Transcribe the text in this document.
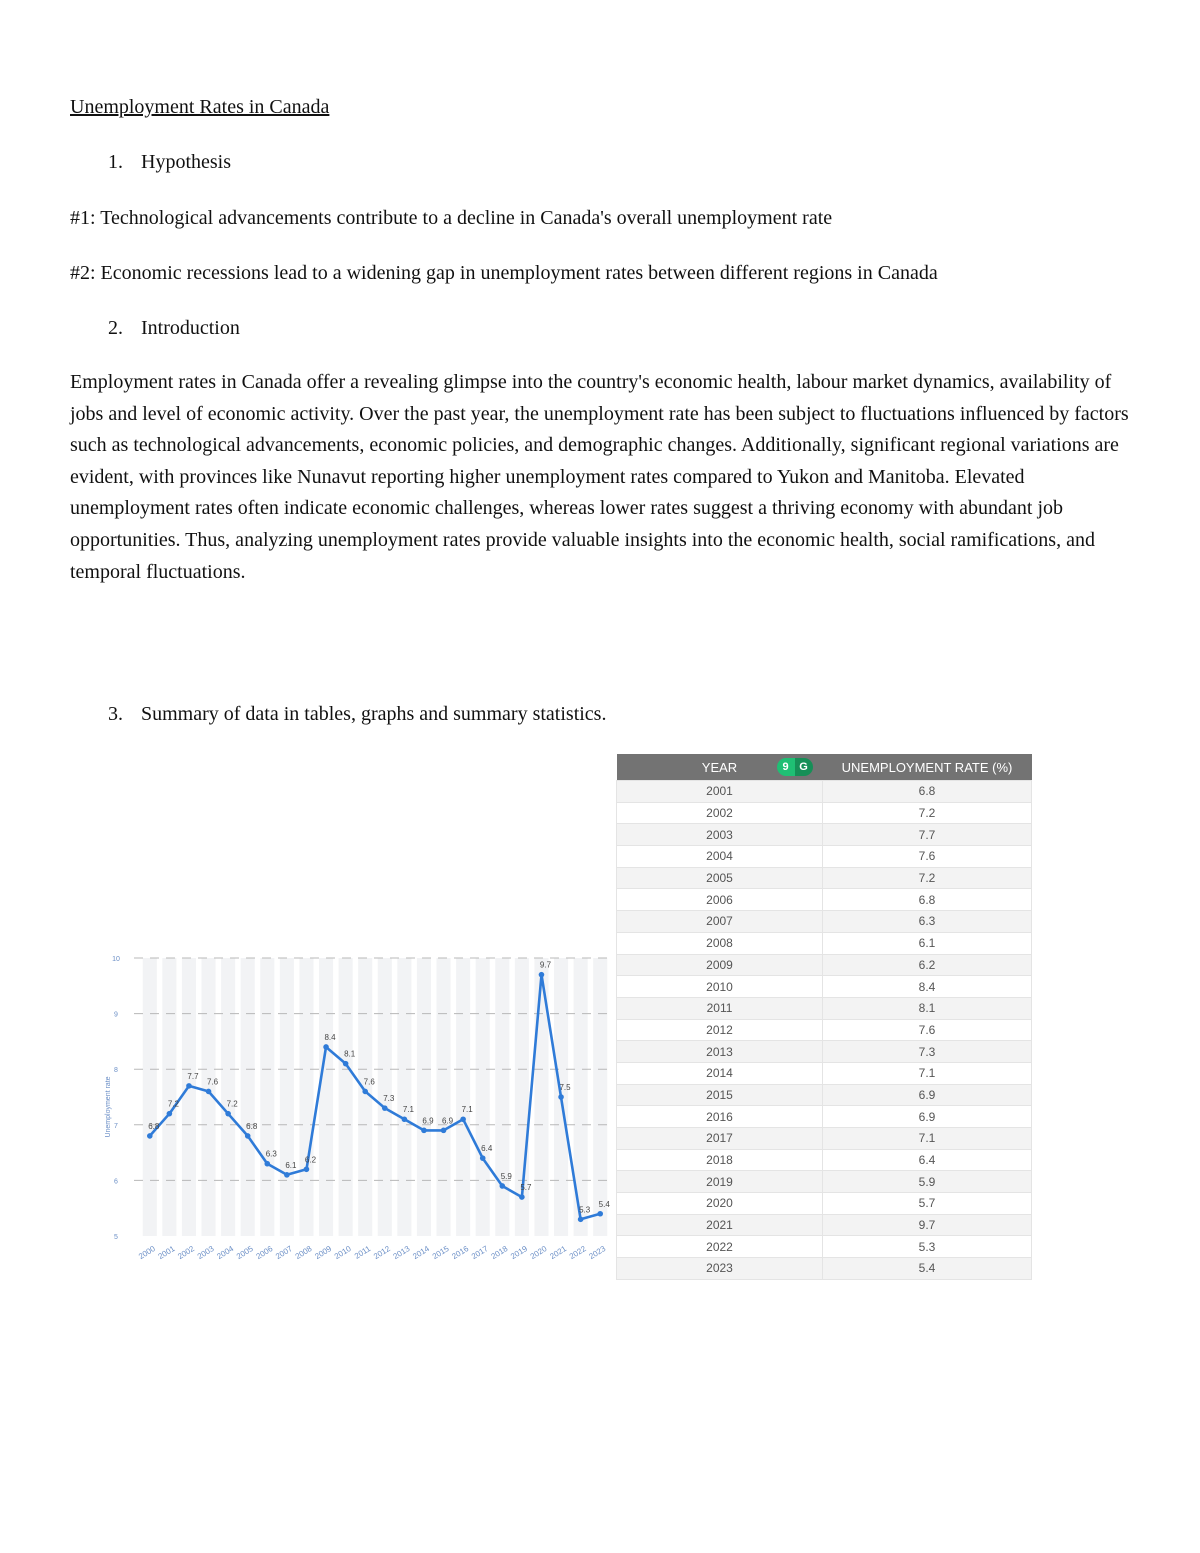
Unemployment Rates in Canada

1. Hypothesis

#1: Technological advancements contribute to a decline in Canada's overall unemployment rate

#2: Economic recessions lead to a widening gap in unemployment rates between different regions in Canada

2. Introduction

Employment rates in Canada offer a revealing glimpse into the country's economic health, labour market dynamics, availability of jobs and level of economic activity. Over the past year, the unemployment rate has been subject to fluctuations influenced by factors such as technological advancements, economic policies, and demographic changes. Additionally, significant regional variations are evident, with provinces like Nunavut reporting higher unemployment rates compared to Yukon and Manitoba. Elevated unemployment rates often indicate economic challenges, whereas lower rates suggest a thriving economy with abundant job opportunities. Thus, analyzing unemployment rates provide valuable insights into the economic health, social ramifications, and temporal fluctuations.

3. Summary of data in tables, graphs and summary statistics.

5
6
7
8
9
10
Unemployment rate	6.8
2000
7.2
2001
7.7
2002
7.6
2003
7.2
2004
6.8
2005
6.3
2006
6.1
2007
6.2
2008
8.4
2009
8.1
2010
7.6
2011
7.3
2012
7.1
2013
6.9
2014
6.9
2015
7.1
2016
6.4
2017
5.9
2018
5.7
2019
9.7
2020
7.5
2021
5.3
2022
5.4
2023
YEAR 9 G	UNEMPLOYMENT RATE (%)
2001	6.8
2002	7.2
2003	7.7
2004	7.6
2005	7.2
2006	6.8
2007	6.3
2008	6.1
2009	6.2
2010	8.4
2011	8.1
2012	7.6
2013	7.3
2014	7.1
2015	6.9
2016	6.9
2017	7.1
2018	6.4
2019	5.9
2020	5.7
2021	9.7
2022	5.3
2023	5.4
